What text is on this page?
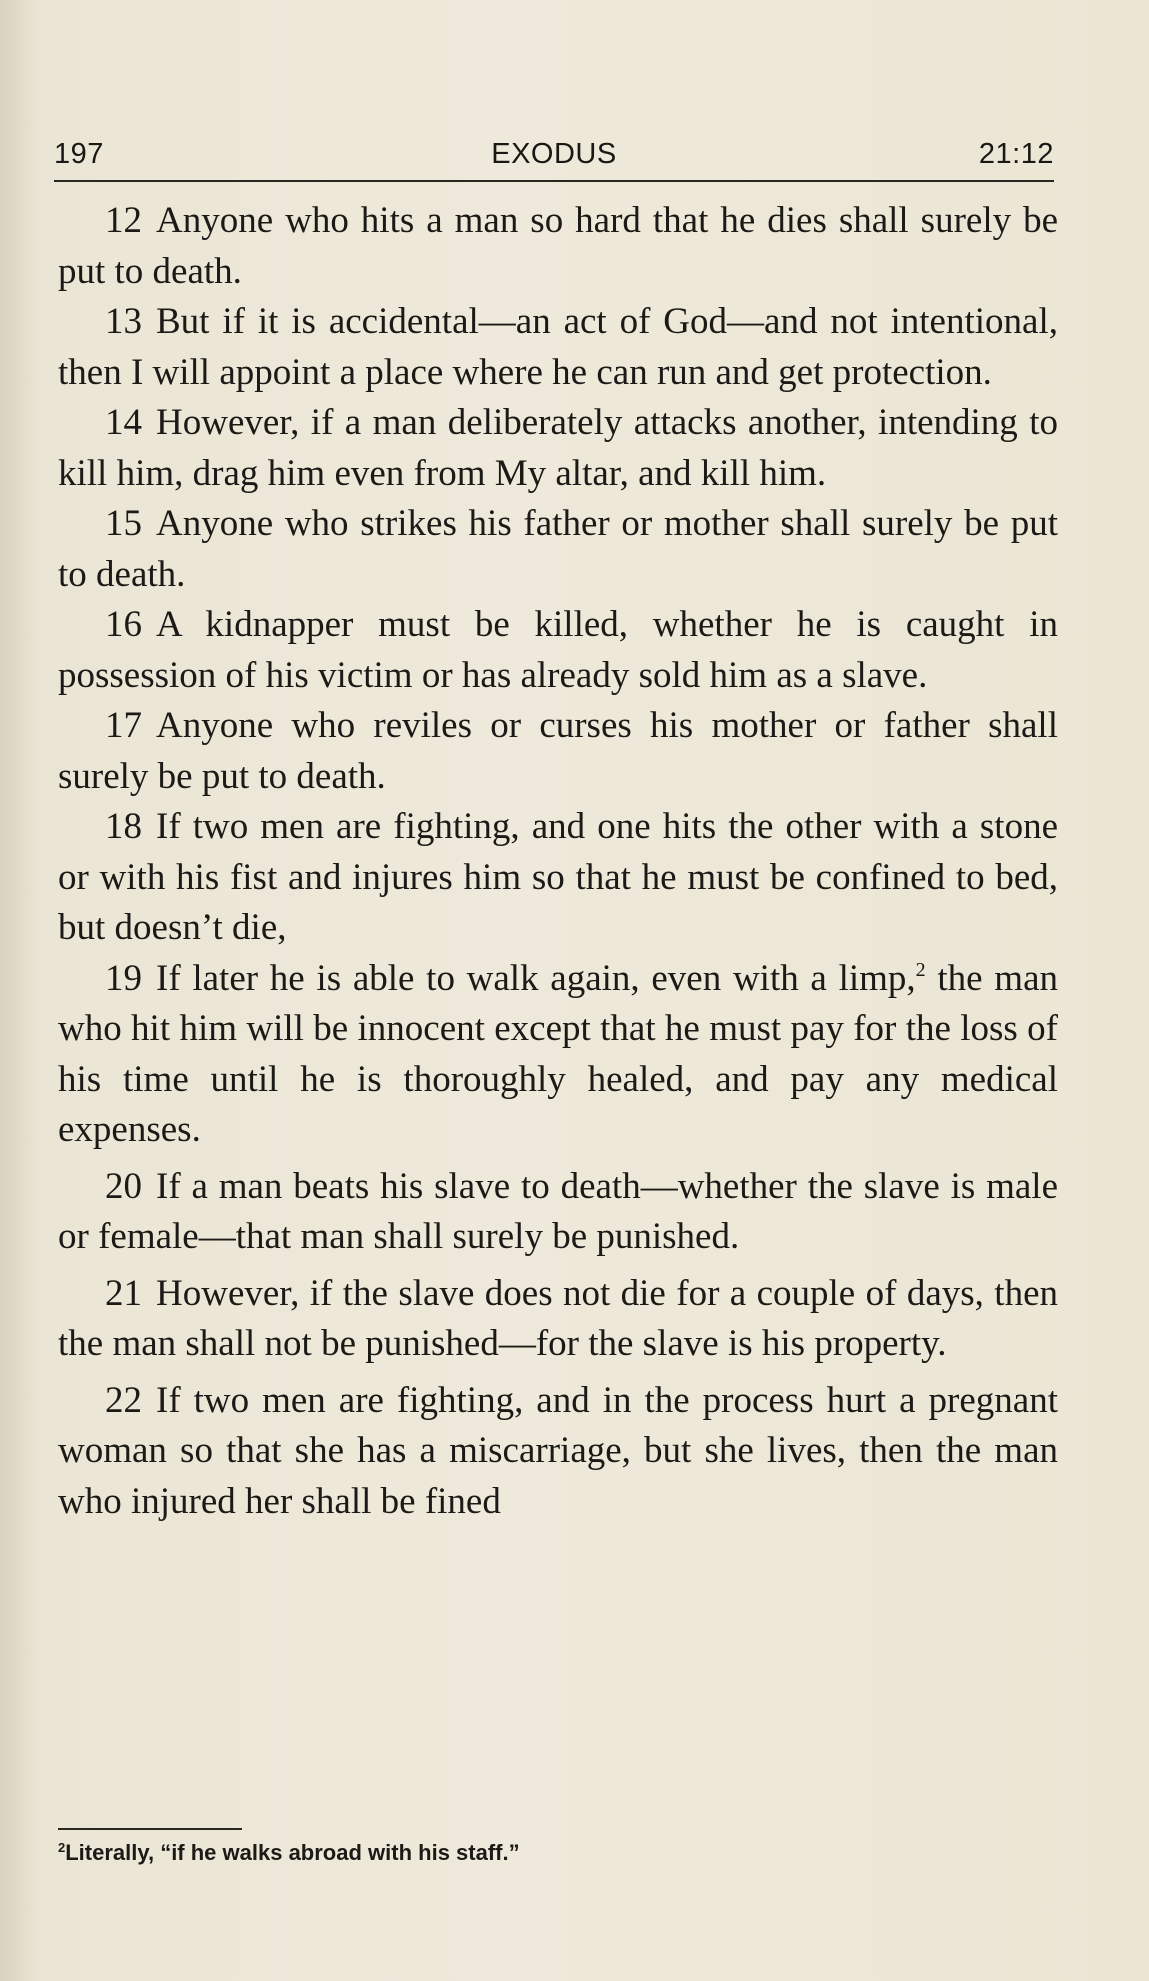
197	EXODUS	21:12

12 Anyone who hits a man so hard that he dies shall surely be put to death.

13 But if it is accidental—an act of God—and not intentional, then I will appoint a place where he can run and get protection.

14 However, if a man deliberately attacks another, intending to kill him, drag him even from My altar, and kill him.

15 Anyone who strikes his father or mother shall surely be put to death.

16 A kidnapper must be killed, whether he is caught in possession of his victim or has already sold him as a slave.

17 Anyone who reviles or curses his mother or father shall surely be put to death.

18 If two men are fighting, and one hits the other with a stone or with his fist and injures him so that he must be confined to bed, but doesn’t die,

19 If later he is able to walk again, even with a limp,$^2$ the man who hit him will be innocent except that he must pay for the loss of his time until he is thoroughly healed, and pay any medical expenses.

20 If a man beats his slave to death—whether the slave is male or female—that man shall surely be punished.

21 However, if the slave does not die for a couple of days, then the man shall not be punished—for the slave is his property.

22 If two men are fighting, and in the process hurt a pregnant woman so that she has a miscarriage, but she lives, then the man who injured her shall be fined

$^2$Literally, “if he walks abroad with his staff.”
